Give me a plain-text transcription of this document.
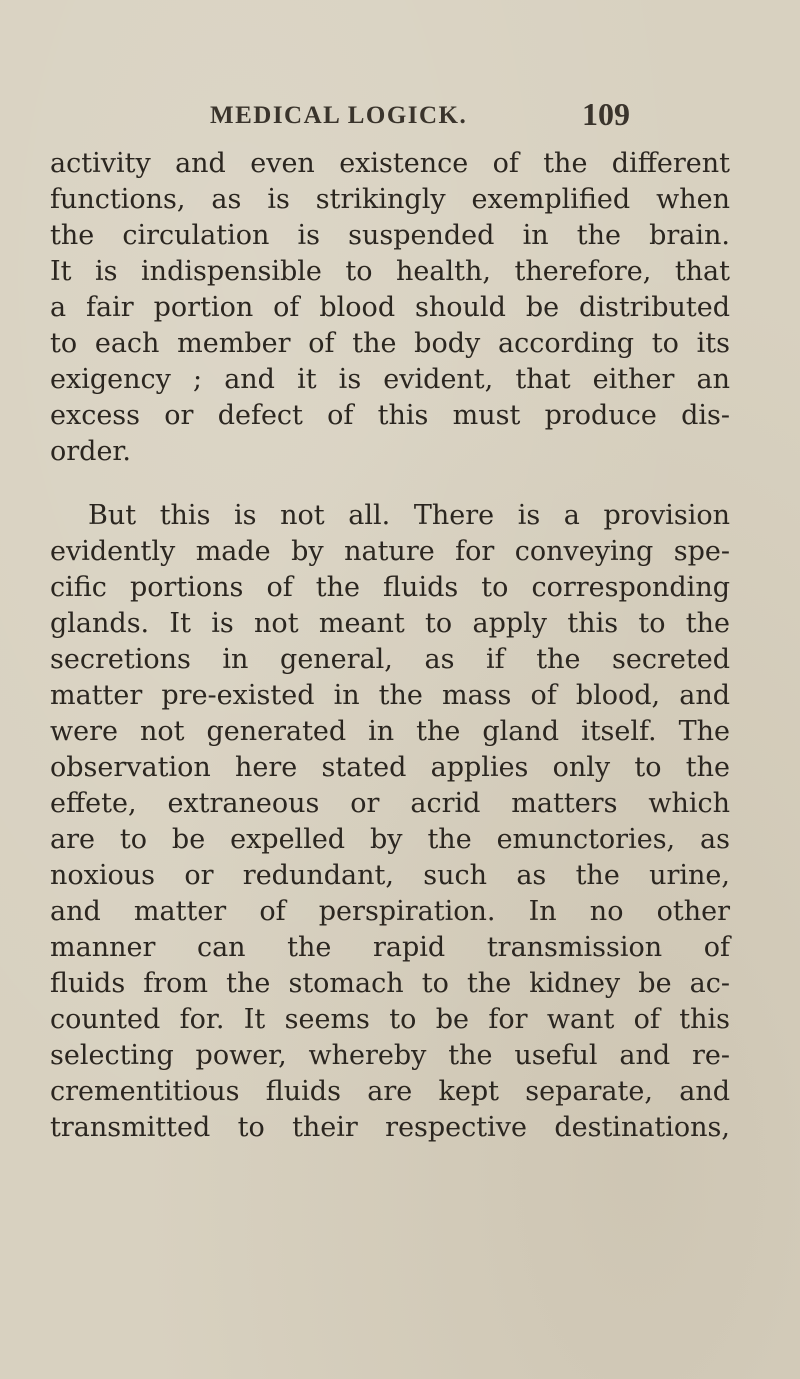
MEDICAL LOGICK.	109
activity and even existence of the different
functions, as is strikingly exemplified when
the circulation is suspended in the brain.
It is indispensible to health, therefore, that
a fair portion of blood should be distributed
to each member of the body according to its
exigency ; and it is evident, that either an
excess or defect of this must produce dis-
order.
But this is not all. There is a provision
evidently made by nature for conveying spe-
cific portions of the fluids to corresponding
glands. It is not meant to apply this to the
secretions in general, as if the secreted
matter pre-existed in the mass of blood, and
were not generated in the gland itself. The
observation here stated applies only to the
effete, extraneous or acrid matters which
are to be expelled by the emunctories, as
noxious or redundant, such as the urine,
and matter of perspiration. In no other
manner can the rapid transmission of
fluids from the stomach to the kidney be ac-
counted for. It seems to be for want of this
selecting power, whereby the useful and re-
crementitious fluids are kept separate, and
transmitted to their respective destinations,
